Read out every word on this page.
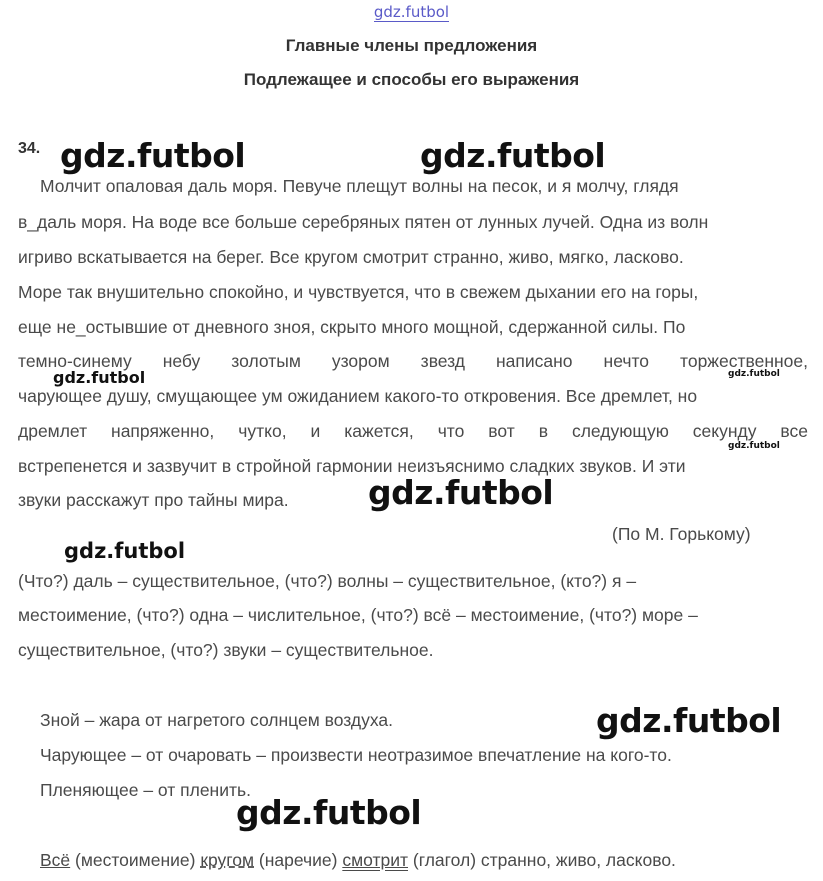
gdz.futbol
Главные члены предложения
Подлежащее и способы его выражения
34.
Молчит опаловая даль моря. Певуче плещут волны на песок, и я молчу, глядя
в_даль моря. На воде все больше серебряных пятен от лунных лучей. Одна из волн
игриво вскатывается на берег. Все кругом смотрит странно, живо, мягко, ласково.
Море так внушительно спокойно, и чувствуется, что в свежем дыхании его на горы,
еще не_остывшие от дневного зноя, скрыто много мощной, сдержанной силы. По
темно-синему небу золотым узором звезд написано нечто торжественное,
чарующее душу, смущающее ум ожиданием какого-то откровения. Все дремлет, но
дремлет напряженно, чутко, и кажется, что вот в следующую секунду все
встрепенется и зазвучит в стройной гармонии неизъяснимо сладких звуков. И эти
звуки расскажут про тайны мира.
(По М. Горькому)
(Что?) даль – существительное, (что?) волны – существительное, (кто?) я –
местоимение, (что?) одна – числительное, (что?) всё – местоимение, (что?) море –
существительное, (что?) звуки – существительное.
Зной – жара от нагретого солнцем воздуха.
Чарующее – от очаровать – произвести неотразимое впечатление на кого-то.
Пленяющее – от пленить.
Всё (местоимение) кругом (наречие) смотрит (глагол) странно, живо, ласково.
gdz.futbol	gdz.futbol
gdz.futbol	gdz.futbol
gdz.futbol
gdz.futbol
gdz.futbol
gdz.futbol
gdz.futbol
